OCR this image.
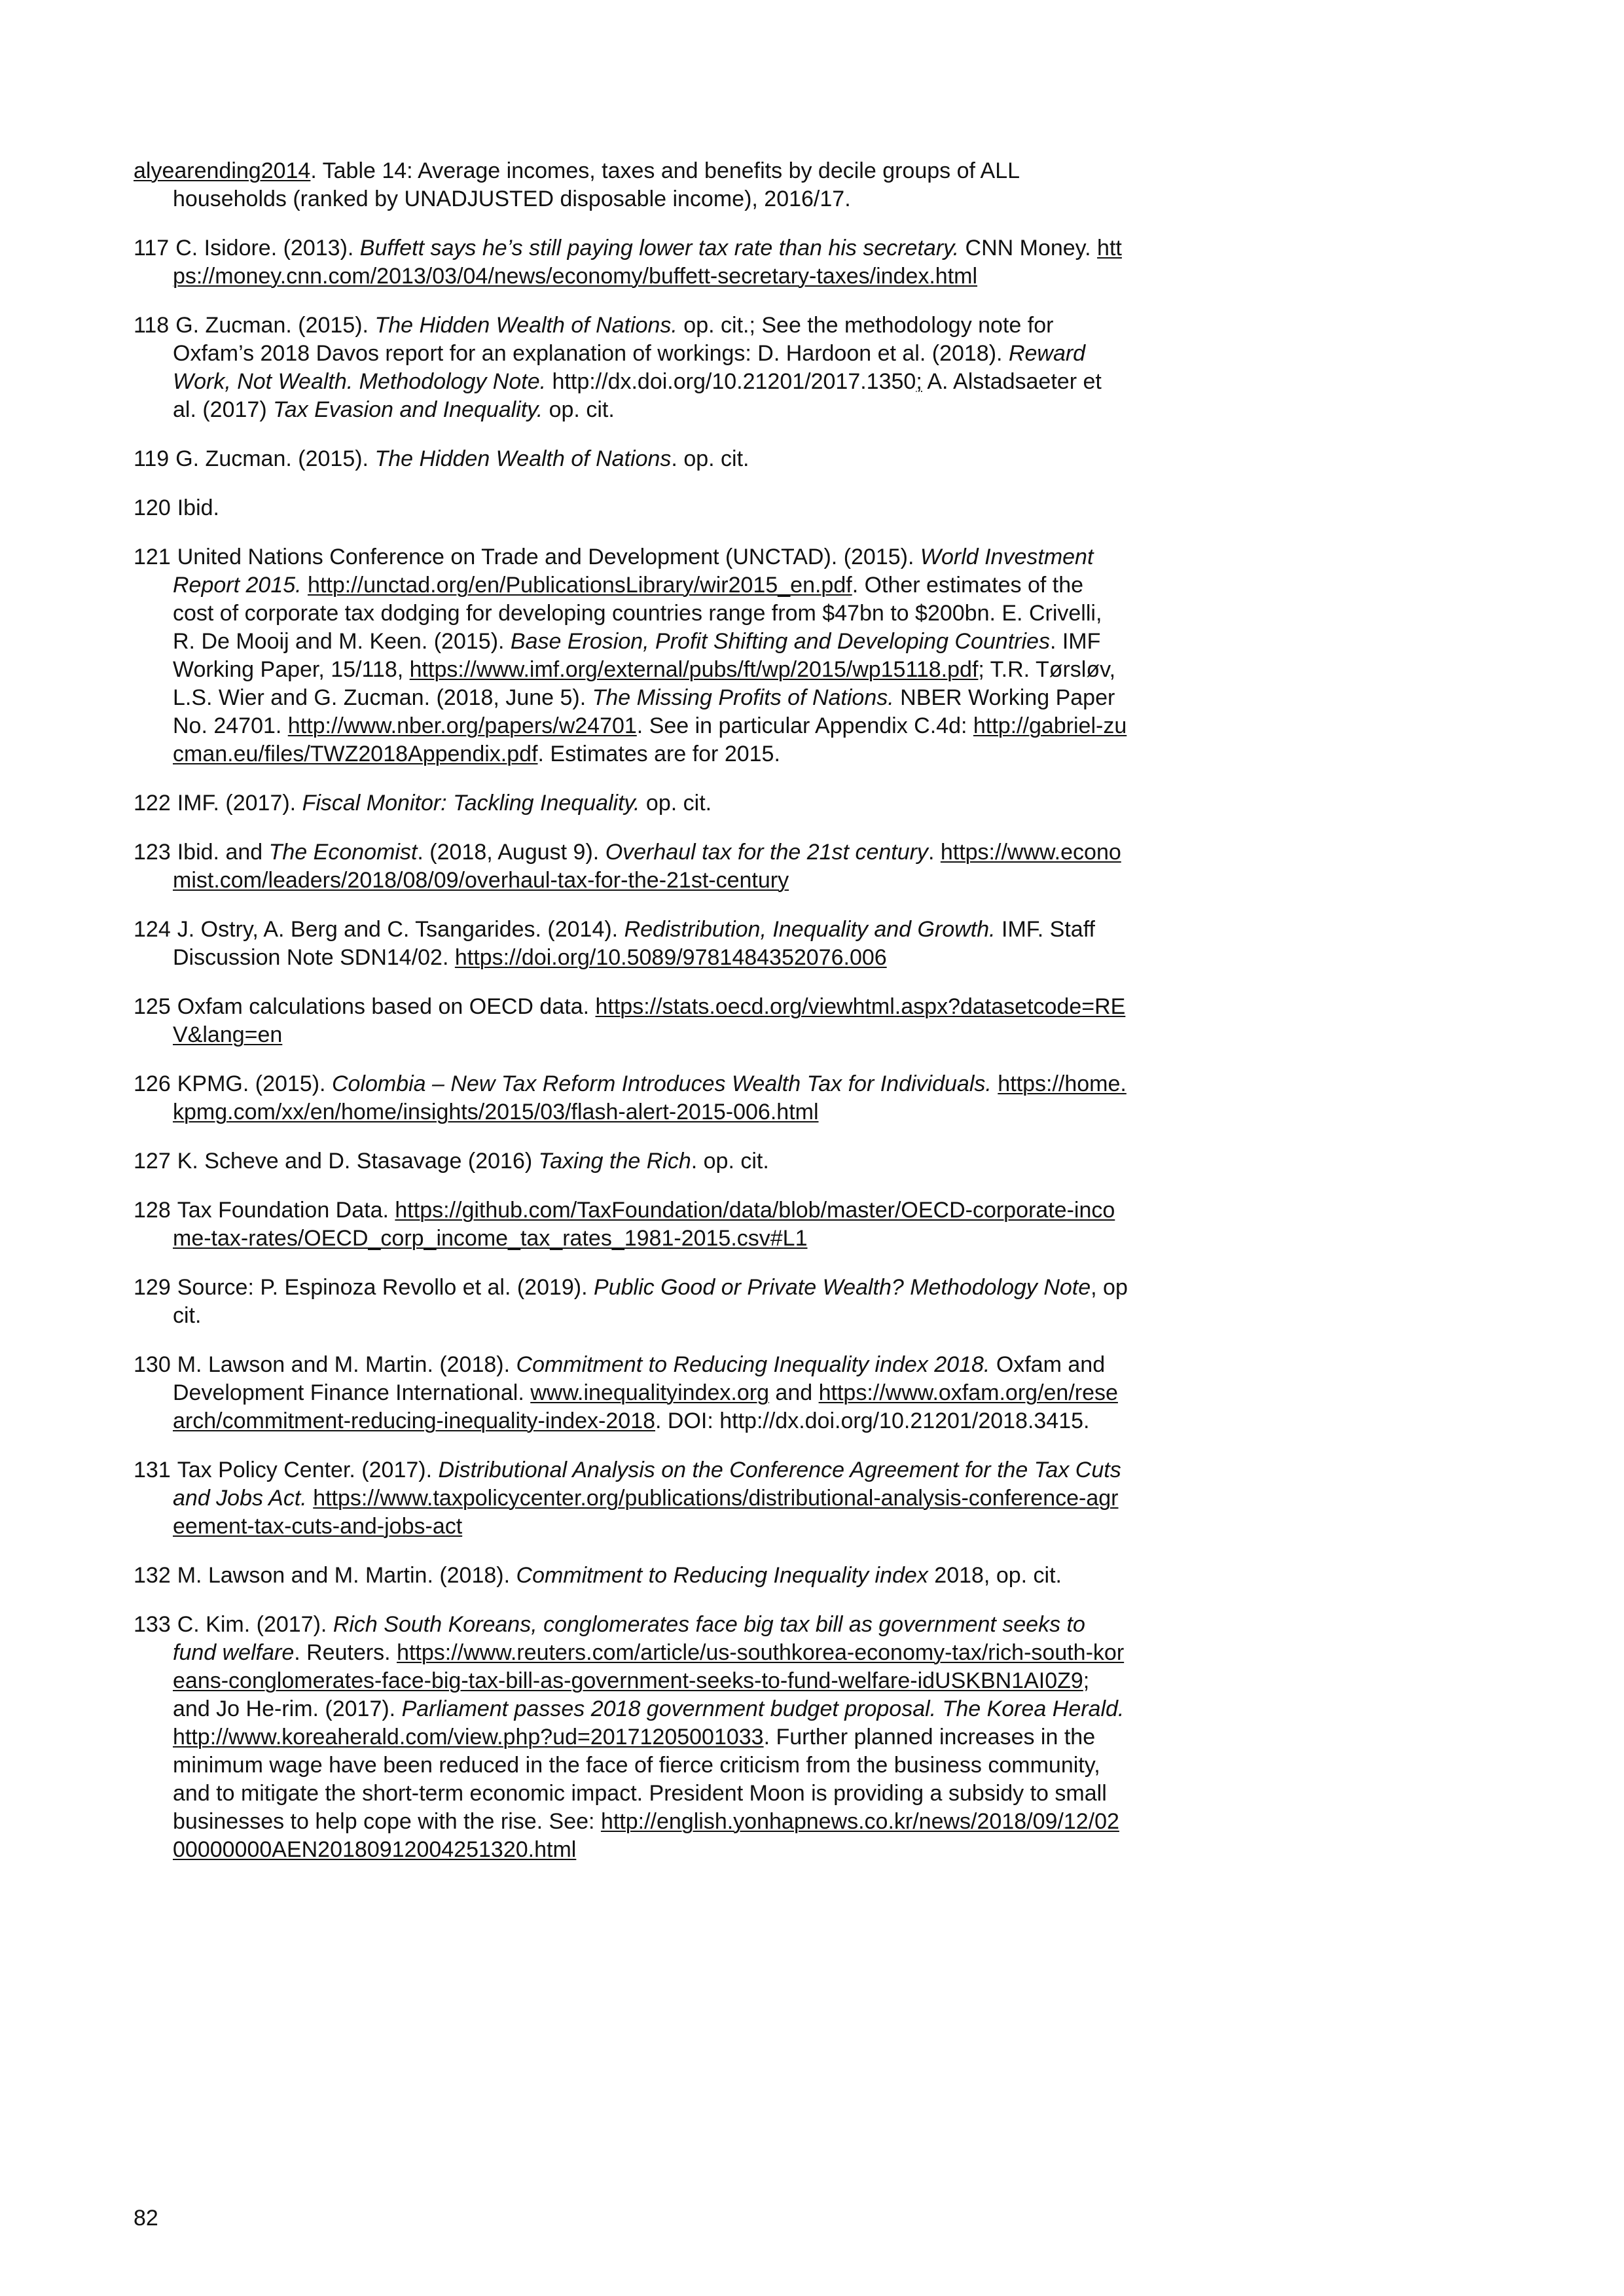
alyearending2014. Table 14: Average incomes, taxes and benefits by decile groups of ALL households (ranked by UNADJUSTED disposable income), 2016/17.

117 C. Isidore. (2013). Buffett says he’s still paying lower tax rate than his secretary. CNN Money. https://money.cnn.com/2013/03/04/news/economy/buffett-secretary-taxes/index.html

118 G. Zucman. (2015). The Hidden Wealth of Nations. op. cit.; See the methodology note for Oxfam’s 2018 Davos report for an explanation of workings: D. Hardoon et al. (2018). Reward Work, Not Wealth. Methodology Note. http://dx.doi.org/10.21201/2017.1350; A. Alstadsaeter et al. (2017) Tax Evasion and Inequality. op. cit.

119 G. Zucman. (2015). The Hidden Wealth of Nations. op. cit.

120 Ibid.

121 United Nations Conference on Trade and Development (UNCTAD). (2015). World Investment Report 2015. http://unctad.org/en/PublicationsLibrary/wir2015_en.pdf. Other estimates of the cost of corporate tax dodging for developing countries range from $47bn to $200bn. E. Crivelli, R. De Mooij and M. Keen. (2015). Base Erosion, Profit Shifting and Developing Countries. IMF Working Paper, 15/118, https://www.imf.org/external/pubs/ft/wp/2015/wp15118.pdf; T.R. Tørsløv, L.S. Wier and G. Zucman. (2018, June 5). The Missing Profits of Nations. NBER Working Paper No. 24701. http://www.nber.org/papers/w24701. See in particular Appendix C.4d: http://gabriel-zucman.eu/files/TWZ2018Appendix.pdf. Estimates are for 2015.

122 IMF. (2017). Fiscal Monitor: Tackling Inequality. op. cit.

123 Ibid. and The Economist. (2018, August 9). Overhaul tax for the 21st century. https://www.economist.com/leaders/2018/08/09/overhaul-tax-for-the-21st-century

124 J. Ostry, A. Berg and C. Tsangarides. (2014). Redistribution, Inequality and Growth. IMF. Staff Discussion Note SDN14/02. https://doi.org/10.5089/9781484352076.006

125 Oxfam calculations based on OECD data. https://stats.oecd.org/viewhtml.aspx?datasetcode=REV&lang=en

126 KPMG. (2015). Colombia – New Tax Reform Introduces Wealth Tax for Individuals. https://home.kpmg.com/xx/en/home/insights/2015/03/flash-alert-2015-006.html

127 K. Scheve and D. Stasavage (2016) Taxing the Rich. op. cit.

128 Tax Foundation Data. https://github.com/TaxFoundation/data/blob/master/OECD-corporate-income-tax-rates/OECD_corp_income_tax_rates_1981-2015.csv#L1

129 Source: P. Espinoza Revollo et al. (2019). Public Good or Private Wealth? Methodology Note, op cit.

130 M. Lawson and M. Martin. (2018). Commitment to Reducing Inequality index 2018. Oxfam and Development Finance International. www.inequalityindex.org and https://www.oxfam.org/en/research/commitment-reducing-inequality-index-2018. DOI: http://dx.doi.org/10.21201/2018.3415.

131 Tax Policy Center. (2017). Distributional Analysis on the Conference Agreement for the Tax Cuts and Jobs Act. https://www.taxpolicycenter.org/publications/distributional-analysis-conference-agreement-tax-cuts-and-jobs-act

132 M. Lawson and M. Martin. (2018). Commitment to Reducing Inequality index 2018, op. cit.

133 C. Kim. (2017). Rich South Koreans, conglomerates face big tax bill as government seeks to fund welfare. Reuters. https://www.reuters.com/article/us-southkorea-economy-tax/rich-south-koreans-conglomerates-face-big-tax-bill-as-government-seeks-to-fund-welfare-idUSKBN1AI0Z9; and Jo He-rim. (2017). Parliament passes 2018 government budget proposal. The Korea Herald. http://www.koreaherald.com/view.php?ud=20171205001033. Further planned increases in the minimum wage have been reduced in the face of fierce criticism from the business community, and to mitigate the short-term economic impact. President Moon is providing a subsidy to small businesses to help cope with the rise. See: http://english.yonhapnews.co.kr/news/2018/09/12/0200000000AEN20180912004251320.html

82
